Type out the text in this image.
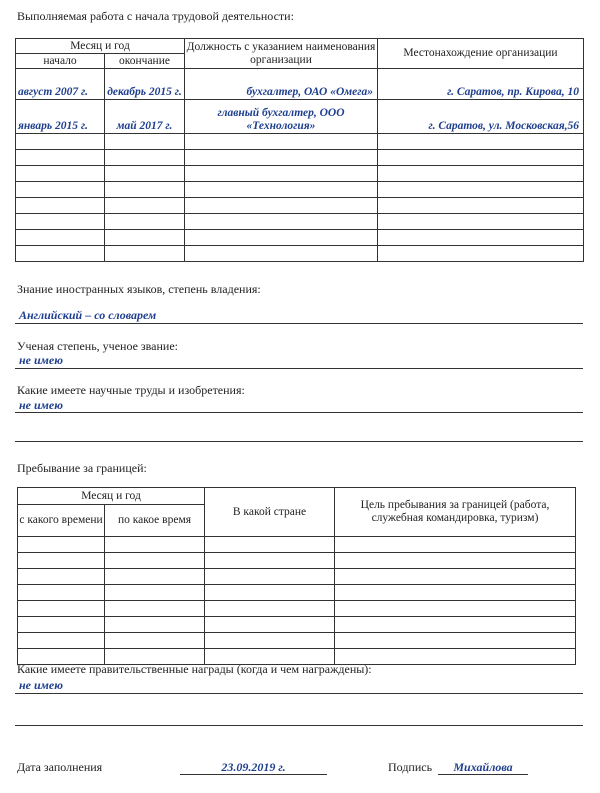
Выполняемая работа с начала трудовой деятельности:
Месяц и год		Должность с указанием наименования организации	Местонахождение организации
начало	окончание		
август 2007 г.	декабрь 2015 г.	бухгалтер, ОАО «Омега»	г. Саратов, пр. Кирова, 10
январь 2015 г.	май 2017 г.	главный бухгалтер, ООО «Технология»	г. Саратов, ул. Московская,56

Знание иностранных языков, степень владения:
Английский – со словарем
Ученая степень, ученое звание:
не имею
Какие имеете научные труды и изобретения:
не имею
Пребывание за границей:
Месяц и год		В какой стране	Цель пребывания за границей (работа, служебная командировка, туризм)
с какого времени	по какое время		

Какие имеете правительственные награды (когда и чем награждены):
не имею
Дата заполнения	23.09.2019 г.	Подпись	Михайлова
